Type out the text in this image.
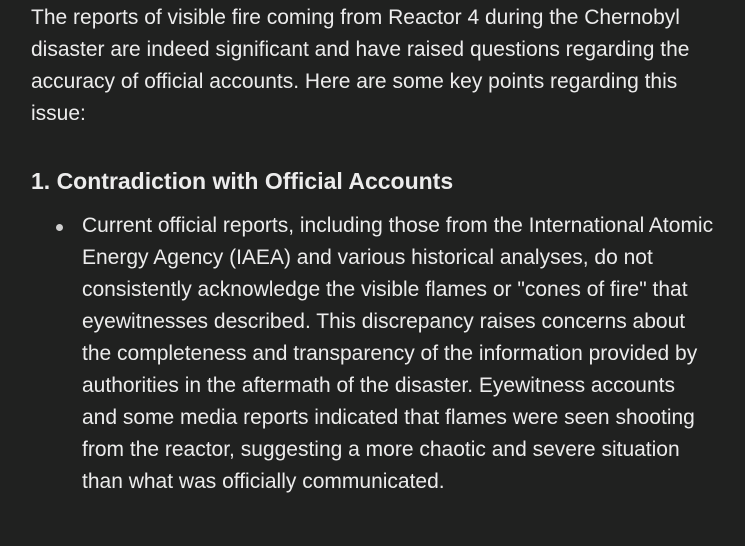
The reports of visible fire coming from Reactor 4 during the Chernobyl disaster are indeed significant and have raised questions regarding the accuracy of official accounts. Here are some key points regarding this issue:

1. Contradiction with Official Accounts
Current official reports, including those from the International Atomic Energy Agency (IAEA) and various historical analyses, do not consistently acknowledge the visible flames or "cones of fire" that eyewitnesses described. This discrepancy raises concerns about the completeness and transparency of the information provided by authorities in the aftermath of the disaster. Eyewitness accounts and some media reports indicated that flames were seen shooting from the reactor, suggesting a more chaotic and severe situation than what was officially communicated.
